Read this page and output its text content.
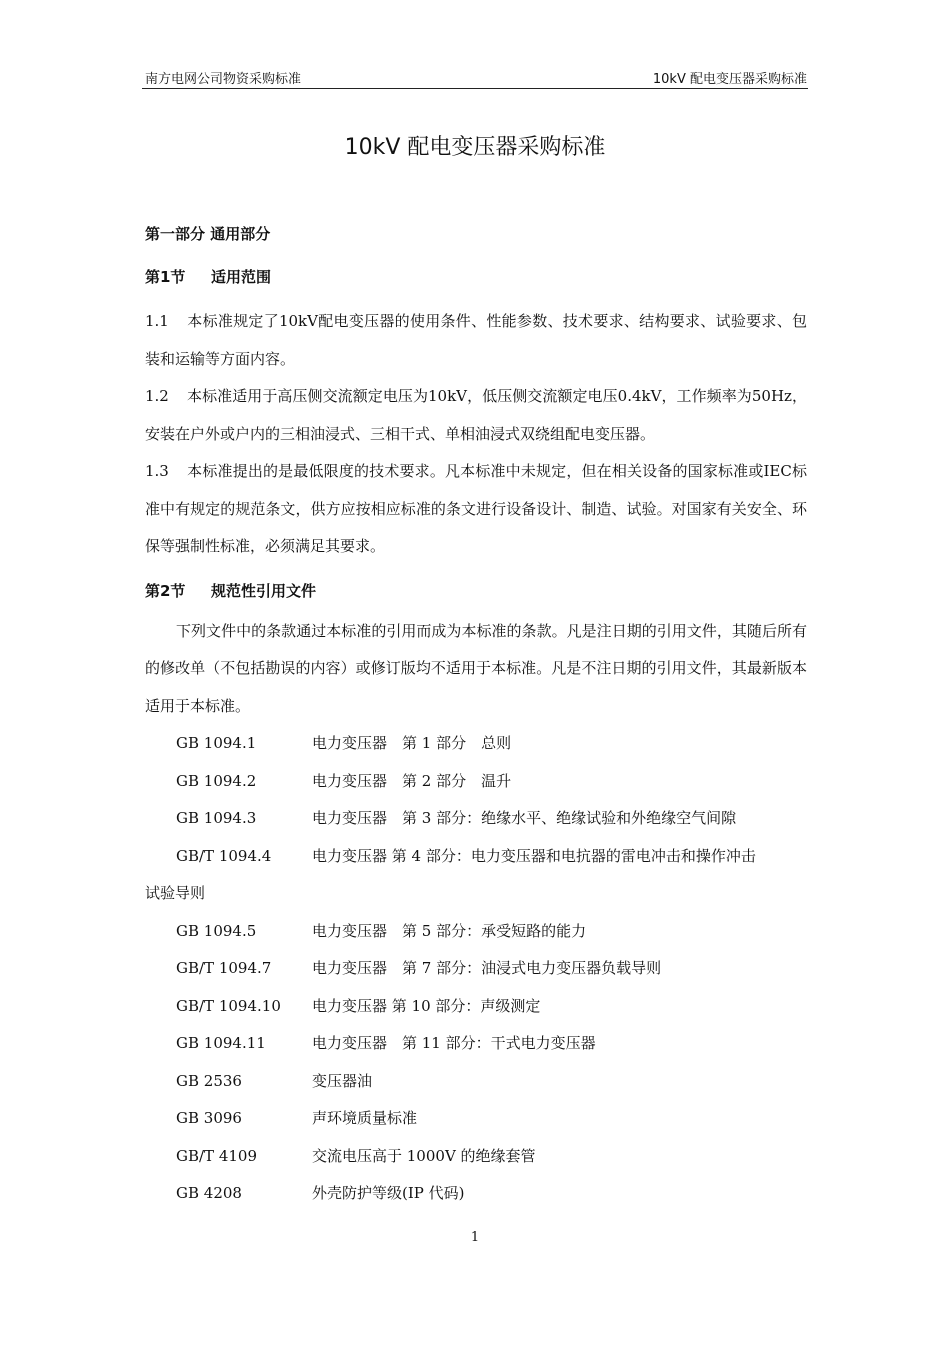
南方电网公司物资采购标准	10kV 配电变压器采购标准
10kV 配电变压器采购标准
第一部分 通用部分
第1节 适用范围

1.1 本标准规定了10kV配电变压器的使用条件、性能参数、技术要求、结构要求、试验要求、包装和运输等方面内容。

1.2 本标准适用于高压侧交流额定电压为10kV，低压侧交流额定电压0.4kV，工作频率为50Hz，安装在户外或户内的三相油浸式、三相干式、单相油浸式双绕组配电变压器。

1.3 本标准提出的是最低限度的技术要求。凡本标准中未规定，但在相关设备的国家标准或IEC标准中有规定的规范条文，供方应按相应标准的条文进行设备设计、制造、试验。对国家有关安全、环保等强制性标准，必须满足其要求。

第2节 规范性引用文件

下列文件中的条款通过本标准的引用而成为本标准的条款。凡是注日期的引用文件，其随后所有的修改单（不包括勘误的内容）或修订版均不适用于本标准。凡是不注日期的引用文件，其最新版本适用于本标准。

GB 1094.1	电力变压器　第 1 部分　总则
GB 1094.2	电力变压器　第 2 部分　温升
GB 1094.3	电力变压器　第 3 部分：绝缘水平、绝缘试验和外绝缘空气间隙
GB/T 1094.4	电力变压器 第 4 部分：电力变压器和电抗器的雷电冲击和操作冲击
试验导则
GB 1094.5	电力变压器　第 5 部分：承受短路的能力
GB/T 1094.7	电力变压器　第 7 部分：油浸式电力变压器负载导则
GB/T 1094.10	电力变压器 第 10 部分：声级测定
GB 1094.11	电力变压器　第 11 部分：干式电力变压器
GB 2536	变压器油
GB 3096	声环境质量标准
GB/T 4109	交流电压高于 1000V 的绝缘套管
GB 4208	外壳防护等级(IP 代码)
1
